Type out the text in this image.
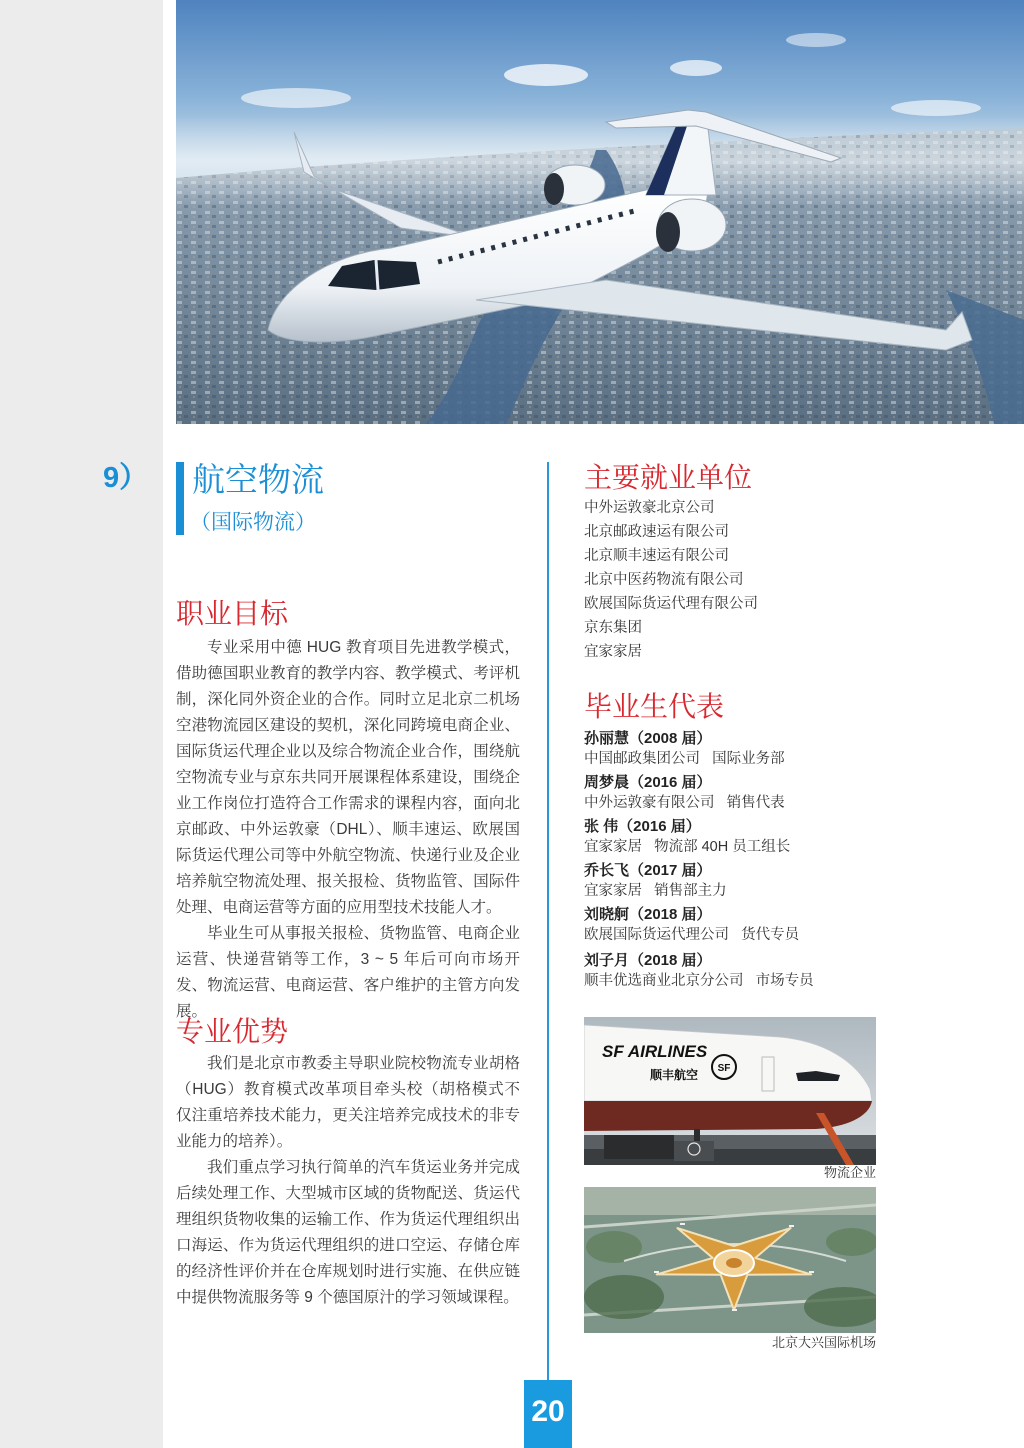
9） 航空物流
（国际物流）
职业目标

专业采用中德 HUG 教育项目先进教学模式，借助德国职业教育的教学内容、教学模式、考评机制，深化同外资企业的合作。同时立足北京二机场空港物流园区建设的契机，深化同跨境电商企业、国际货运代理企业以及综合物流企业合作，围绕航空物流专业与京东共同开展课程体系建设，围绕企业工作岗位打造符合工作需求的课程内容，面向北京邮政、中外运敦豪（DHL）、顺丰速运、欧展国际货运代理公司等中外航空物流、快递行业及企业培养航空物流处理、报关报检、货物监管、国际件处理、电商运营等方面的应用型技术技能人才。

毕业生可从事报关报检、货物监管、电商企业运营、快递营销等工作，3 ~ 5 年后可向市场开发、物流运营、电商运营、客户维护的主管方向发展。

专业优势

我们是北京市教委主导职业院校物流专业胡格（HUG）教育模式改革项目牵头校（胡格模式不仅注重培养技术能力，更关注培养完成技术的非专业能力的培养）。

我们重点学习执行简单的汽车货运业务并完成后续处理工作、大型城市区域的货物配送、货运代理组织货物收集的运输工作、作为货运代理组织出口海运、作为货运代理组织的进口空运、存储仓库的经济性评价并在仓库规划时进行实施、在供应链中提供物流服务等 9 个德国原汁的学习领域课程。

主要就业单位
中外运敦豪北京公司
北京邮政速运有限公司
北京顺丰速运有限公司
北京中医药物流有限公司
欧展国际货运代理有限公司
京东集团
宜家家居
毕业生代表
孙丽慧（2008 届）
中国邮政集团公司   国际业务部
周梦晨（2016 届）
中外运敦豪有限公司   销售代表
张 伟（2016 届）
宜家家居   物流部 40H 员工组长
乔长飞（2017 届）
宜家家居   销售部主力
刘晓舸（2018 届）
欧展国际货运代理公司   货代专员
刘子月（2018 届）
顺丰优选商业北京分公司   市场专员
SF AIRLINES
顺丰航空 SF
物流企业
北京大兴国际机场
20
